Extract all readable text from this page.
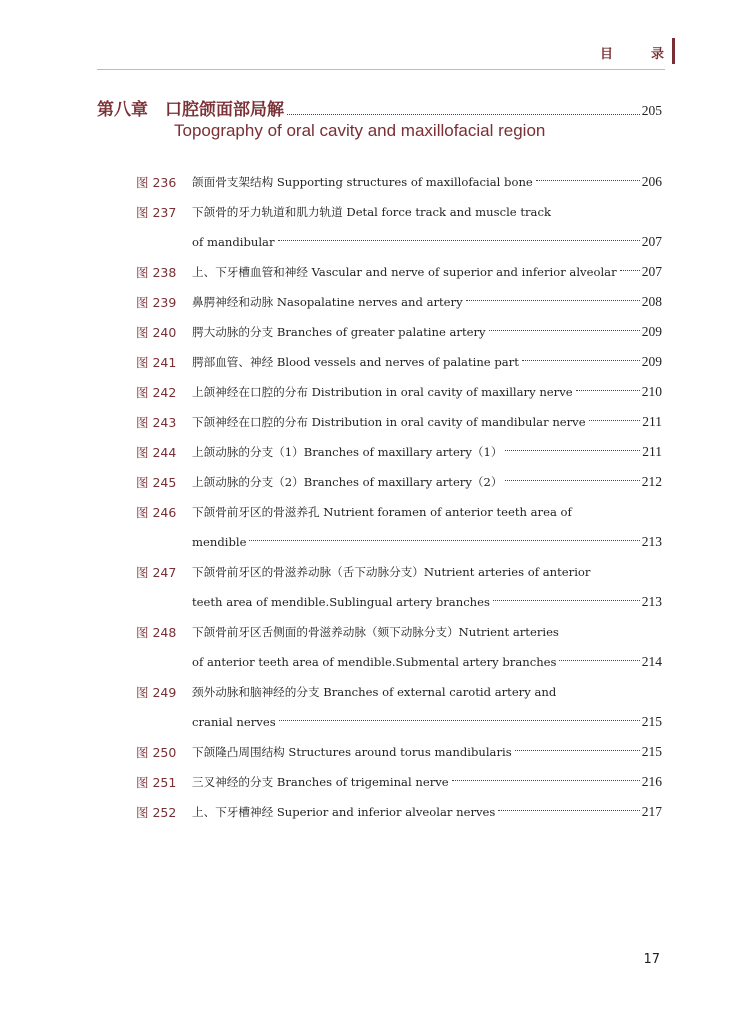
目	录
第八章　口腔颌面部局解	205
Topography of oral cavity and maxillofacial region
图 236	颌面骨支架结构 Supporting structures of maxillofacial bone	206
图 237	下颌骨的牙力轨道和肌力轨道 Detal force track and muscle track
of mandibular	207
图 238	上、下牙槽血管和神经 Vascular and nerve of superior and inferior alveolar 207
图 239	鼻腭神经和动脉 Nasopalatine nerves and artery	208
图 240	腭大动脉的分支 Branches of greater palatine artery	209
图 241	腭部血管、神经 Blood vessels and nerves of palatine part	209
图 242	上颌神经在口腔的分布 Distribution in oral cavity of maxillary nerve	210
图 243	下颌神经在口腔的分布 Distribution in oral cavity of mandibular nerve	211
图 244	上颌动脉的分支（1）Branches of maxillary artery（1）	211
图 245	上颌动脉的分支（2）Branches of maxillary artery（2）	212
图 246	下颌骨前牙区的骨滋养孔 Nutrient foramen of anterior teeth area of
mendible	213
图 247	下颌骨前牙区的骨滋养动脉（舌下动脉分支）Nutrient arteries of anterior
teeth area of mendible.Sublingual artery branches	213
图 248	下颌骨前牙区舌侧面的骨滋养动脉（颏下动脉分支）Nutrient arteries
of anterior teeth area of mendible.Submental artery branches	214
图 249	颈外动脉和脑神经的分支 Branches of external carotid artery and
cranial nerves	215
图 250	下颌隆凸周围结构 Structures around torus mandibularis	215
图 251	三叉神经的分支 Branches of trigeminal nerve	216
图 252	上、下牙槽神经 Superior and inferior alveolar nerves	217
17
